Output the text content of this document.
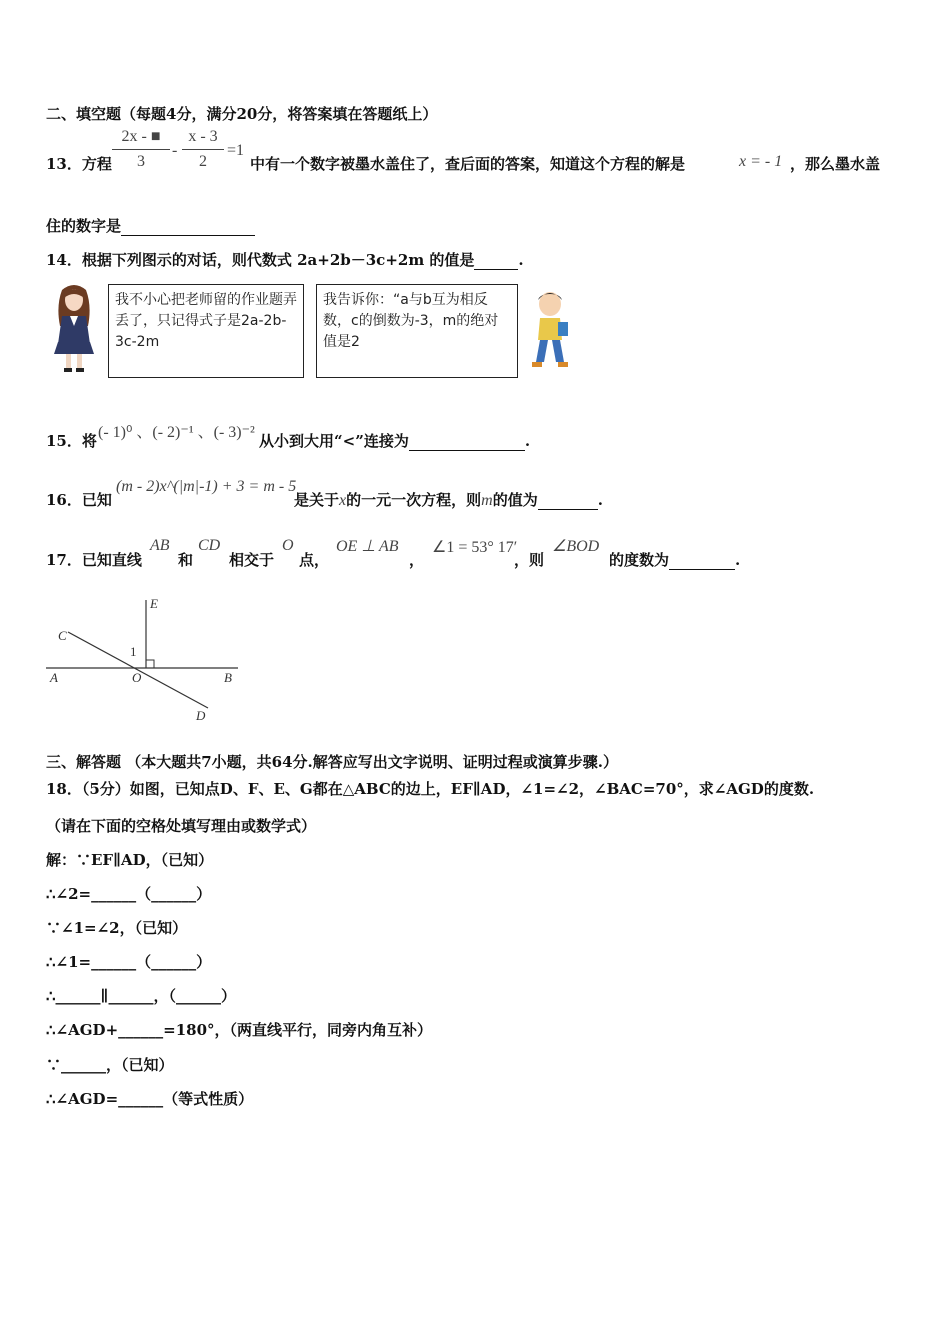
二、填空题（每题4分，满分20分，将答案填在答题纸上）
13．方程
2x - ■
3
-
x - 3
2
=1
中有一个数字被墨水盖住了，查后面的答案，知道这个方程的解是	x = - 1 ，那么墨水盖
住的数字是
14．根据下列图示的对话，则代数式 2a+2b－3c+2m 的值是	.
我不小心把老师留的作业题弄丢了，只记得式子是2a-2b-3c-2m
我告诉你：“a与b互为相反数，c的倒数为-3，m的绝对值是2
15．将 (- 1)⁰ 、(- 2)⁻¹ 、(- 3)⁻² 从小到大用“<”连接为	.
16．已知
(m - 2)x^(|m|-1) + 3 = m - 5
是关于x的一元一次方程，则m的值为	.
17．已知直线
AB
和
CD
相交于
O
点，
OE ⊥ AB
，
∠1 = 53° 17′
，则
∠BOD
的度数为	.
E
C
1
A	O	B
D
三、解答题 （本大题共7小题，共64分.解答应写出文字说明、证明过程或演算步骤.）
18．（5分）如图，已知点D、F、E、G都在△ABC的边上，EF∥AD，∠1=∠2，∠BAC=70°，求∠AGD的度数.
（请在下面的空格处填写理由或数学式）
解：∵EF∥AD，（已知）
∴∠2=______（______）
∵∠1=∠2，（已知）
∴∠1=______（______）
∴______∥______，（______）
∴∠AGD+______=180°，（两直线平行，同旁内角互补）
∵______，（已知）
∴∠AGD=______（等式性质）
